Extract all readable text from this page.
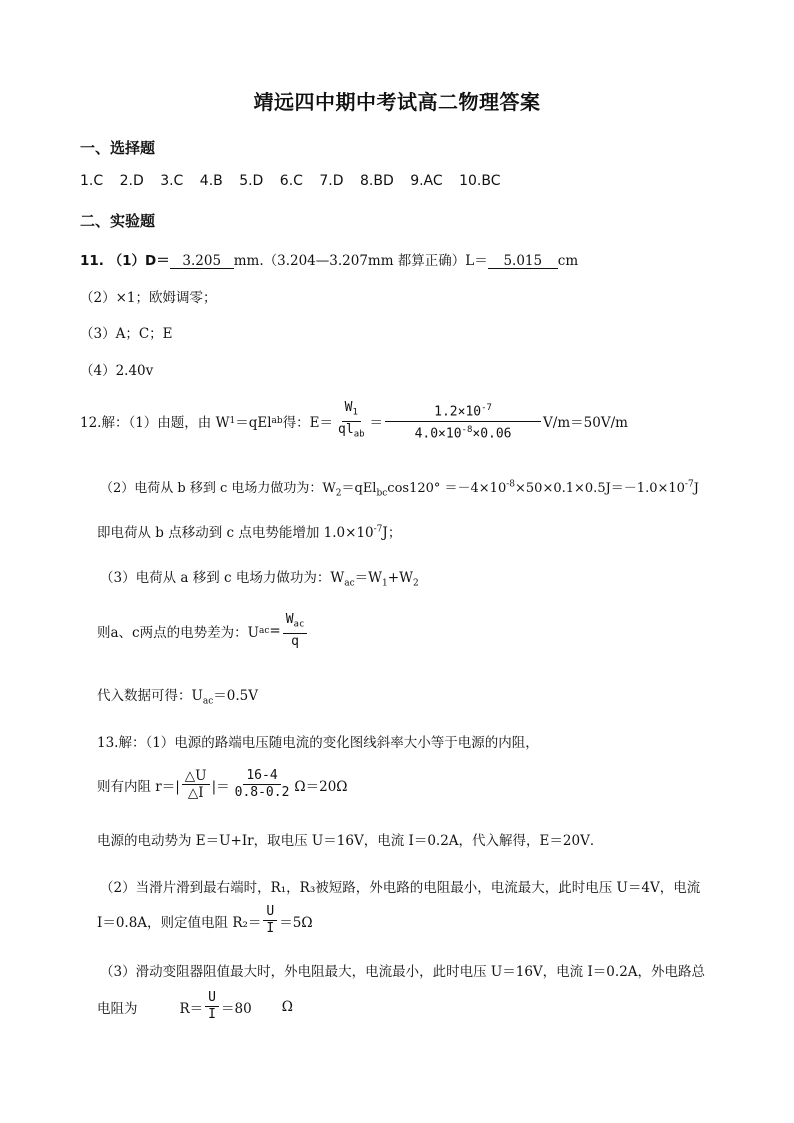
靖远四中期中考试高二物理答案
一、选择题
1.C 2.D 3.C 4.B 5.D 6.C 7.D 8.BD 9.AC 10.BC
二、实验题
11. （1）D＝ 3.205 mm.（3.204—3.207mm 都算正确）L＝ 5.015 cm
（2）×1；欧姆调零；
（3）A；C；E
（4）2.40v
12.解：（1）由题，由 W 1 ＝qEl ab 得：$E= \frac{W_1}{ql_{ab}} = \frac{1.2\times 10^{-7}}{4.0\times 10^{-8}\times 0.06} V/m=50V/m$
（2）电荷从 b 移到 c 电场力做功为：$W_2=qEl_{bc}\cos 120^\circ =-4\times 10^{-8}\times 50\times 0.1\times 0.5J=-1.0\times 10^{-7}J$
即电荷从 b 点移动到 c 点电势能增加 $1.0\times 10^{-7}J$；
（3）电荷从 a 移到 c 电场力做功为：$W_{ac}=W_1+W_2$
则a、c两点的电势差为：U ac = $\frac{W_{ac}}{q}$
代入数据可得：$U_{ac}=0.5V$
13.解：（1）电源的路端电压随电流的变化图线斜率大小等于电源的内阻，
则有内阻 $r=| \frac{\triangle U}{\triangle I}$ |＝ $\frac{16-4}{0.8-0.2} \Omega=20\Omega$
电源的电动势为 E＝U+Ir，取电压 U＝16V，电流 I＝0.2A，代入解得，E＝20V．
（2）当滑片滑到最右端时，R₁，R₃被短路，外电路的电阻最小，电流最大，此时电压 U＝4V，电流
I＝0.8A，则定值电阻 $R_2= \frac{U}{I} =5\Omega$
（3）滑动变阻器阻值最大时，外电阻最大，电流最小，此时电压 U＝16V，电流 I＝0.2A，外电路总
电阻为	$R= \frac{U}{I} =80$ Ω
